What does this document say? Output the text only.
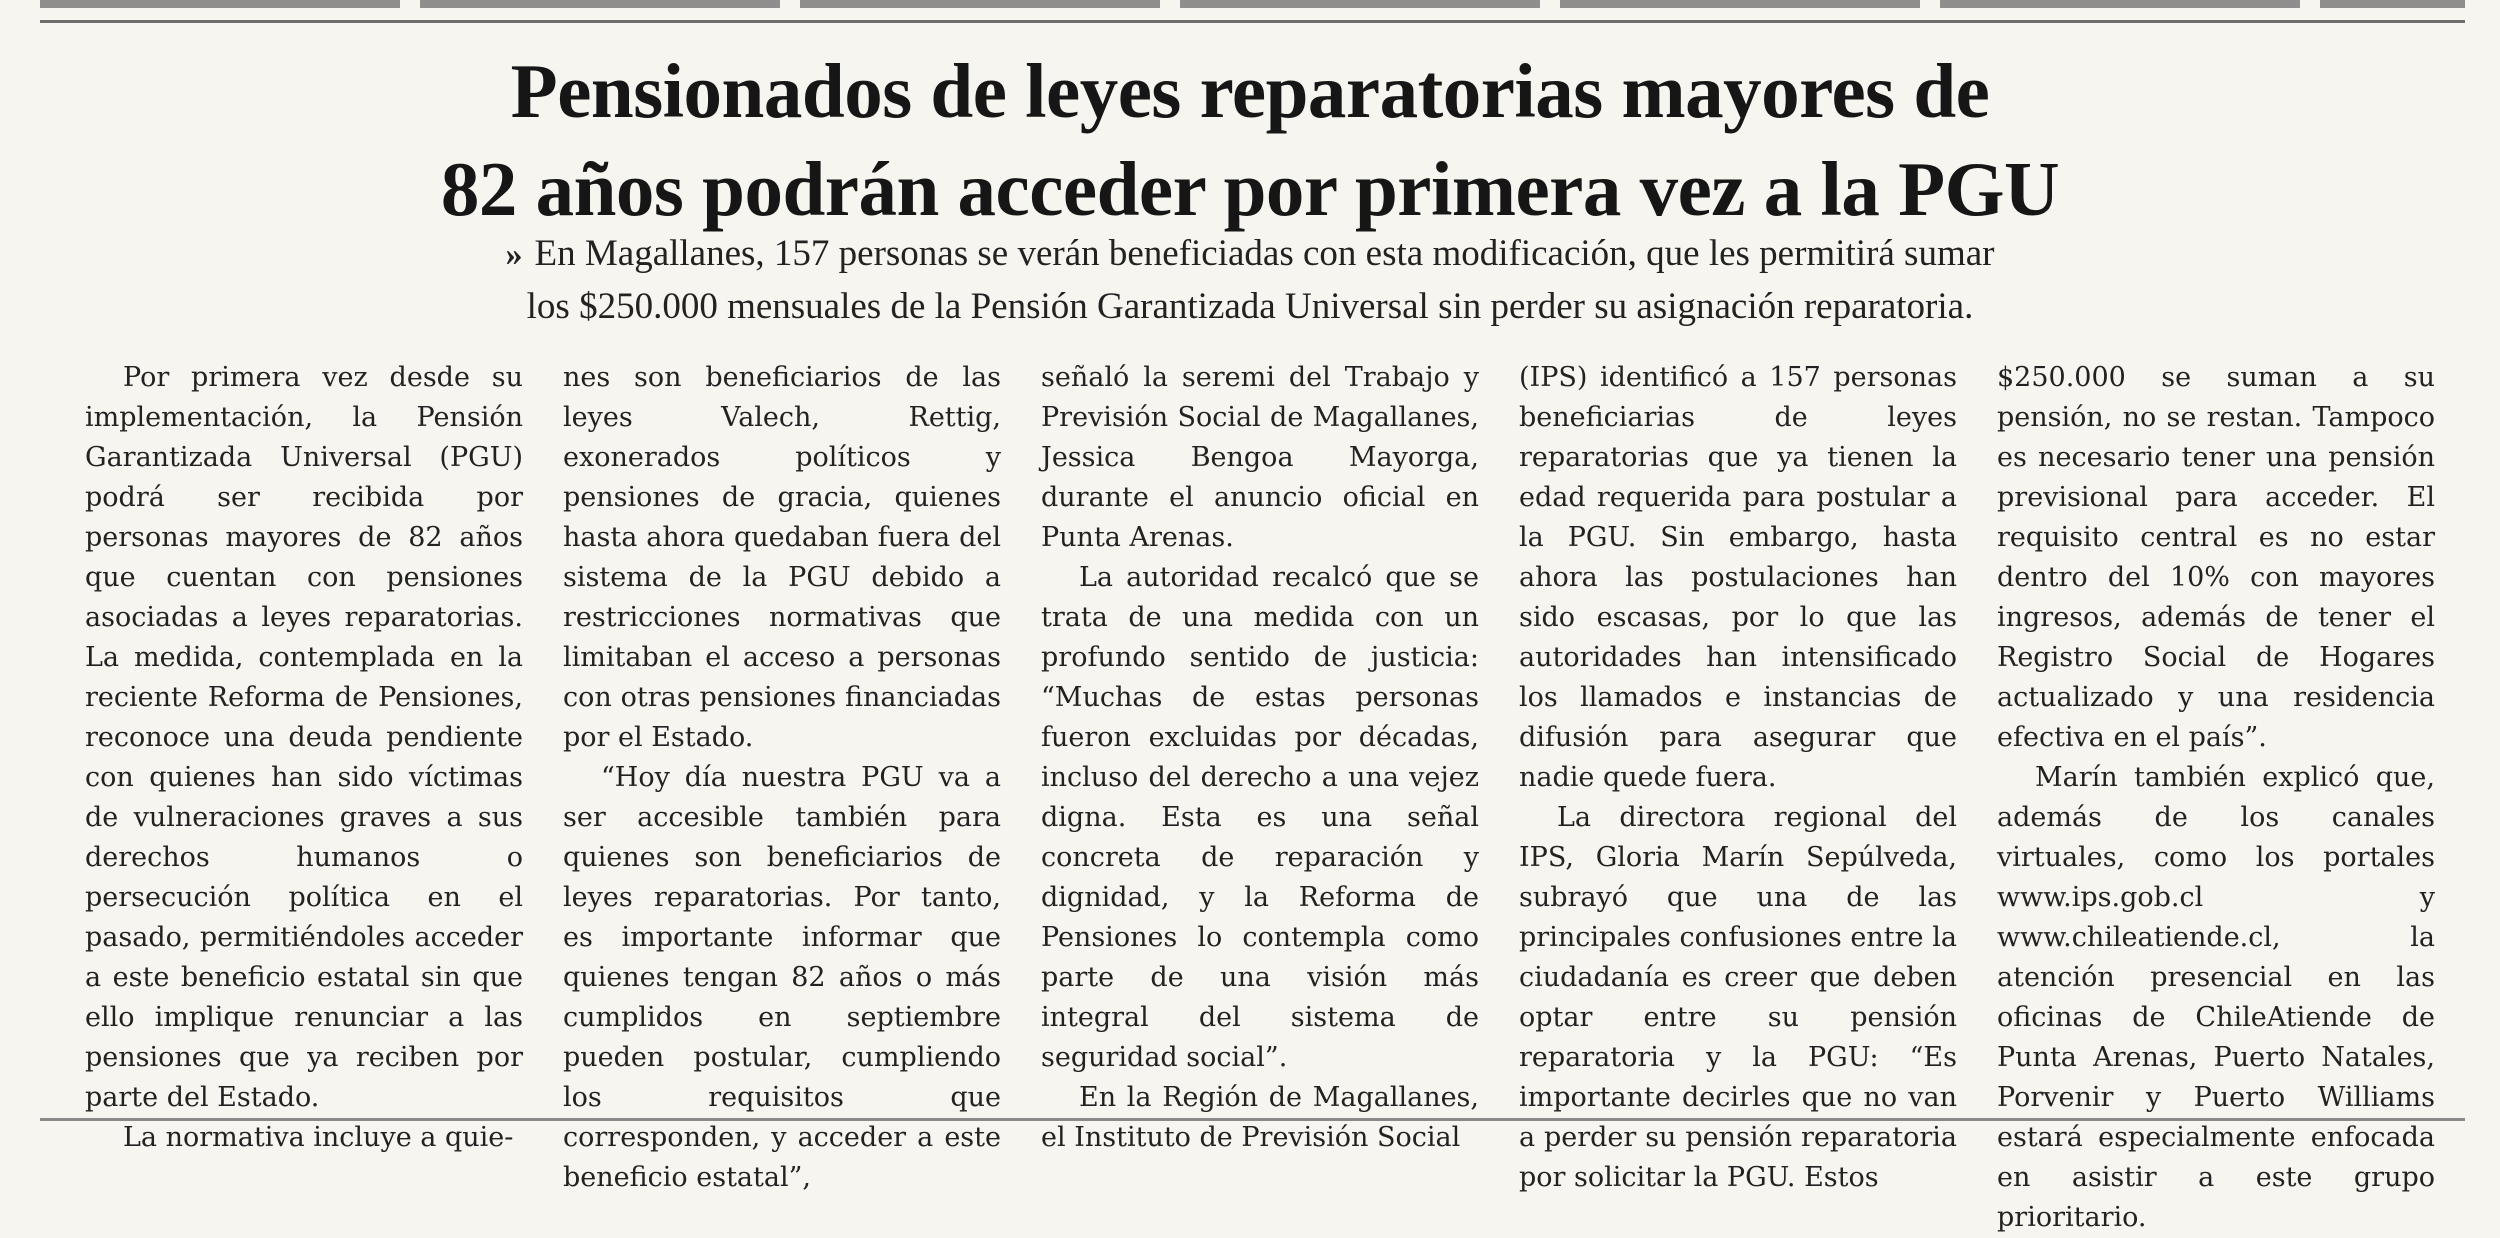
Pensionados de leyes reparatorias mayores de
82 años podrán acceder por primera vez a la PGU
» En Magallanes, 157 personas se verán beneficiadas con esta modificación, que les permitirá sumar
los $250.000 mensuales de la Pensión Garantizada Universal sin perder su asignación reparatoria.

Por primera vez desde su implementación, la Pensión Garantizada Universal (PGU) podrá ser recibida por personas mayores de 82 años que cuentan con pensiones asociadas a leyes reparatorias. La medida, contemplada en la reciente Reforma de Pensiones, reconoce una deuda pendiente con quienes han sido víctimas de vulneraciones graves a sus derechos humanos o persecución política en el pasado, permitiéndoles acceder a este beneficio estatal sin que ello implique renunciar a las pensiones que ya reciben por parte del Estado.

La normativa incluye a quie-

nes son beneficiarios de las leyes Valech, Rettig, exonerados políticos y pensiones de gracia, quienes hasta ahora quedaban fuera del sistema de la PGU debido a restricciones normativas que limitaban el acceso a personas con otras pensiones financiadas por el Estado.

“Hoy día nuestra PGU va a ser accesible también para quienes son beneficiarios de leyes reparatorias. Por tanto, es importante informar que quienes tengan 82 años o más cumplidos en septiembre pueden postular, cumpliendo los requisitos que corresponden, y acceder a este beneficio estatal”,

señaló la seremi del Trabajo y Previsión Social de Magallanes, Jessica Bengoa Mayorga, durante el anuncio oficial en Punta Arenas.

La autoridad recalcó que se trata de una medida con un profundo sentido de justicia: “Muchas de estas personas fueron excluidas por décadas, incluso del derecho a una vejez digna. Esta es una señal concreta de reparación y dignidad, y la Reforma de Pensiones lo contempla como parte de una visión más integral del sistema de seguridad social”.

En la Región de Magallanes, el Instituto de Previsión Social

(IPS) identificó a 157 personas beneficiarias de leyes reparatorias que ya tienen la edad requerida para postular a la PGU. Sin embargo, hasta ahora las postulaciones han sido escasas, por lo que las autoridades han intensificado los llamados e instancias de difusión para asegurar que nadie quede fuera.

La directora regional del IPS, Gloria Marín Sepúlveda, subrayó que una de las principales confusiones entre la ciudadanía es creer que deben optar entre su pensión reparatoria y la PGU: “Es importante decirles que no van a perder su pensión reparatoria por solicitar la PGU. Estos

$250.000 se suman a su pensión, no se restan. Tampoco es necesario tener una pensión previsional para acceder. El requisito central es no estar dentro del 10% con mayores ingresos, además de tener el Registro Social de Hogares actualizado y una residencia efectiva en el país”.

Marín también explicó que, además de los canales virtuales, como los portales www.ips.gob.cl y www.chileatiende.cl, la atención presencial en las oficinas de ChileAtiende de Punta Arenas, Puerto Natales, Porvenir y Puerto Williams estará especialmente enfocada en asistir a este grupo prioritario.
